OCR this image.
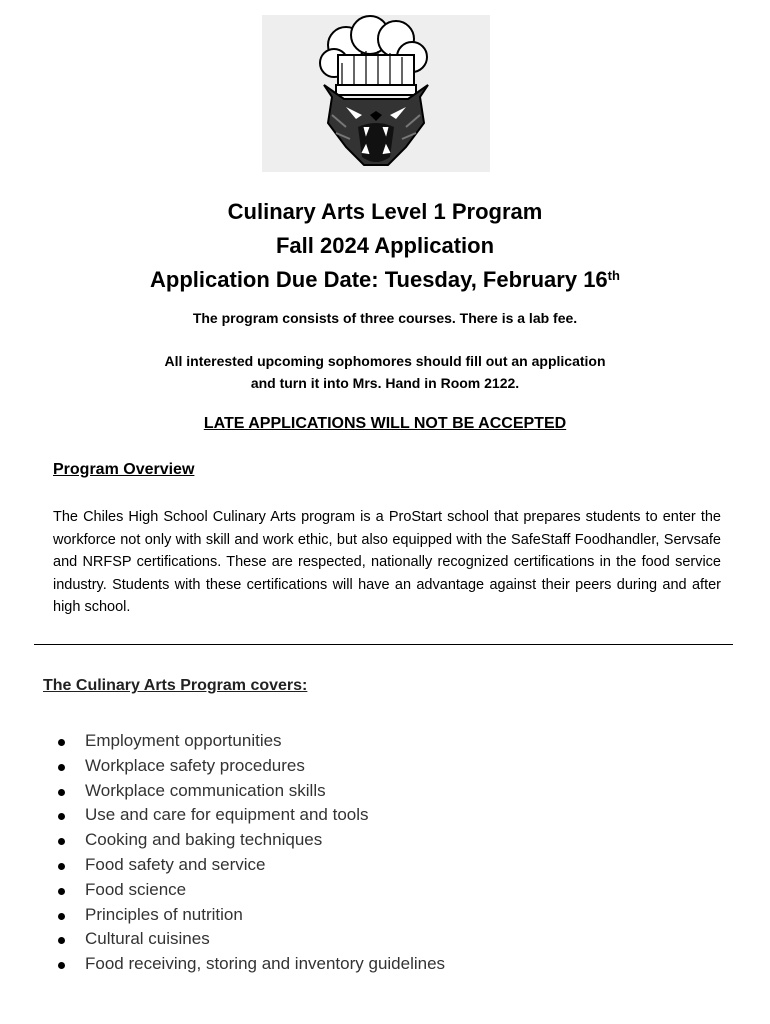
Culinary Arts Level 1 Program
Fall 2024 Application
Application Due Date: Tuesday, February 16th
The program consists of three courses. There is a lab fee.
All interested upcoming sophomores should fill out an application
and turn it into Mrs. Hand in Room 2122.
LATE APPLICATIONS WILL NOT BE ACCEPTED
Program Overview
The Chiles High School Culinary Arts program is a ProStart school that prepares students to enter the workforce not only with skill and work ethic, but also equipped with the SafeStaff Foodhandler, Servsafe and NRFSP certifications. These are respected, nationally recognized certifications in the food service industry. Students with these certifications will have an advantage against their peers during and after high school.
The Culinary Arts Program covers:
Employment opportunities
Workplace safety procedures
Workplace communication skills
Use and care for equipment and tools
Cooking and baking techniques
Food safety and service
Food science
Principles of nutrition
Cultural cuisines
Food receiving, storing and inventory guidelines
